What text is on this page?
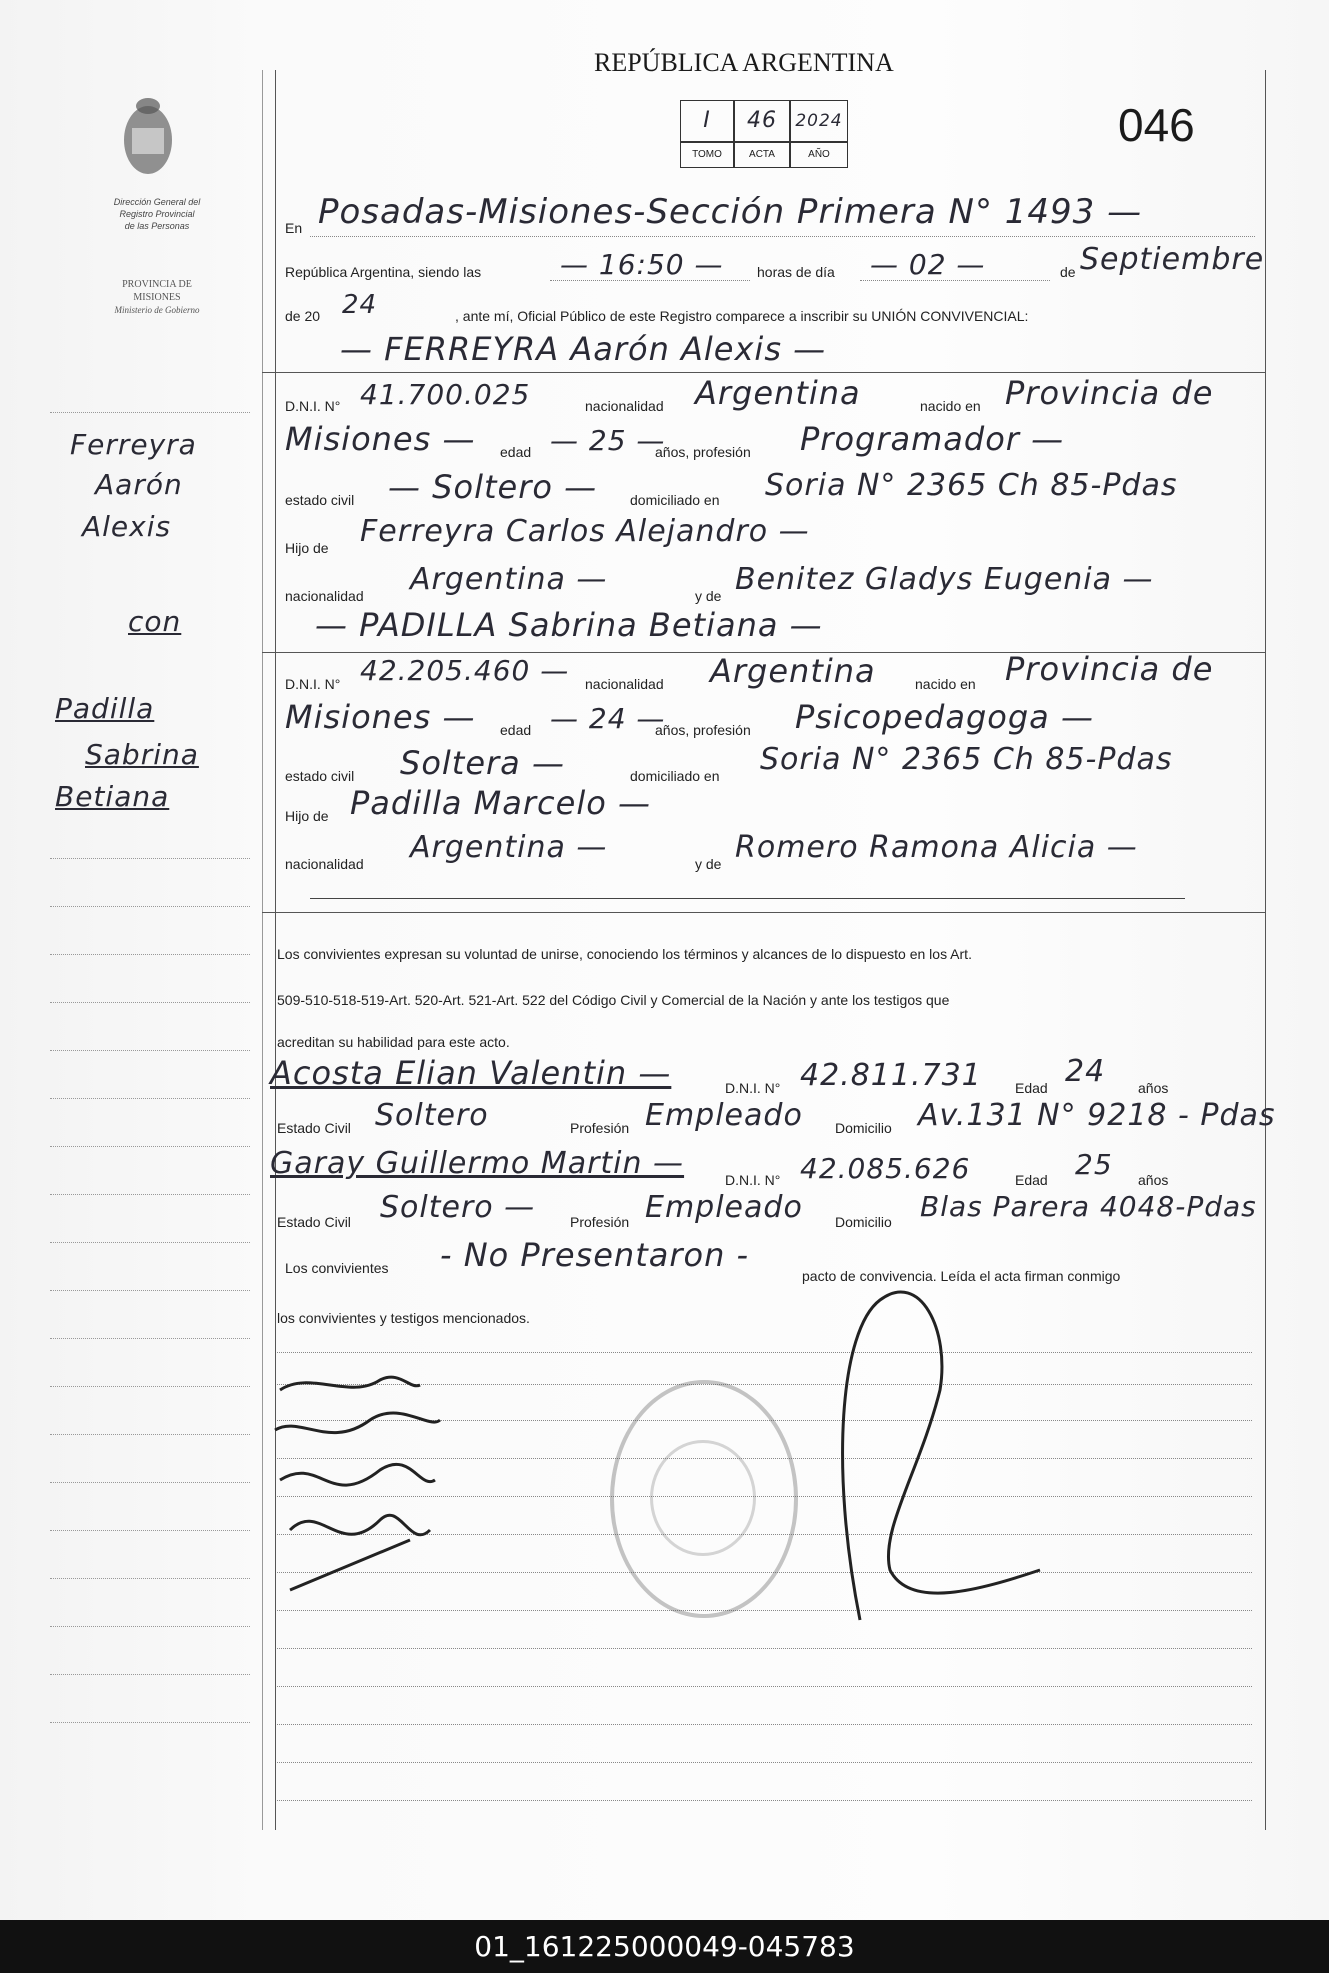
Dirección General del
Registro Provincial
de las Personas
PROVINCIA DE
MISIONES
Ministerio de Gobierno
Ferreyra
Aarón
Alexis
con
Padilla
Sabrina
Betiana
REPÚBLICA ARGENTINA
046
I	46	2024
TOMO	ACTA	AÑO
En Posadas-Misiones-Sección Primera N° 1493 —
República Argentina, siendo las	— 16:50 — horas de día — 02 —	de Septiembre
de 20 24	, ante mí, Oficial Público de este Registro comparece a inscribir su UNIÓN CONVIVENCIAL:
— FERREYRA Aarón Alexis —
D.N.I. N° 41.700.025	nacionalidad Argentina	nacido en Provincia de
Misiones — edad — 25 —
años, profesión Programador —
estado civil — Soltero — domiciliado en Soria N° 2365 Ch 85-Pdas
Hijo de Ferreyra Carlos Alejandro —
nacionalidad Argentina —	y de Benitez Gladys Eugenia —
— PADILLA Sabrina Betiana —
D.N.I. N° 42.205.460 — nacionalidad Argentina	nacido en Provincia de
Misiones — edad — 24 —
años, profesión Psicopedagoga —
estado civil Soltera —	domiciliado en Soria N° 2365 Ch 85-Pdas
Hijo de Padilla Marcelo —
nacionalidad Argentina —	y de Romero Ramona Alicia —
Los convivientes expresan su voluntad de unirse, conociendo los términos y alcances de lo dispuesto en los Art.
509-510-518-519-Art. 520-Art. 521-Art. 522 del Código Civil y Comercial de la Nación y ante los testigos que
acreditan su habilidad para este acto.
Acosta Elian Valentin —	D.N.I. N° 42.811.731 Edad 24 años
Estado Civil Soltero	Profesión Empleado Domicilio Av.131 N° 9218 - Pdas
Garay Guillermo Martin —	D.N.I. N° 42.085.626	Edad 25 años
Estado Civil Soltero — Profesión Empleado Domicilio Blas Parera 4048-Pdas
Los convivientes - No Presentaron -
pacto de convivencia. Leída el acta firman conmigo
los convivientes y testigos mencionados.
01_161225000049-045783
